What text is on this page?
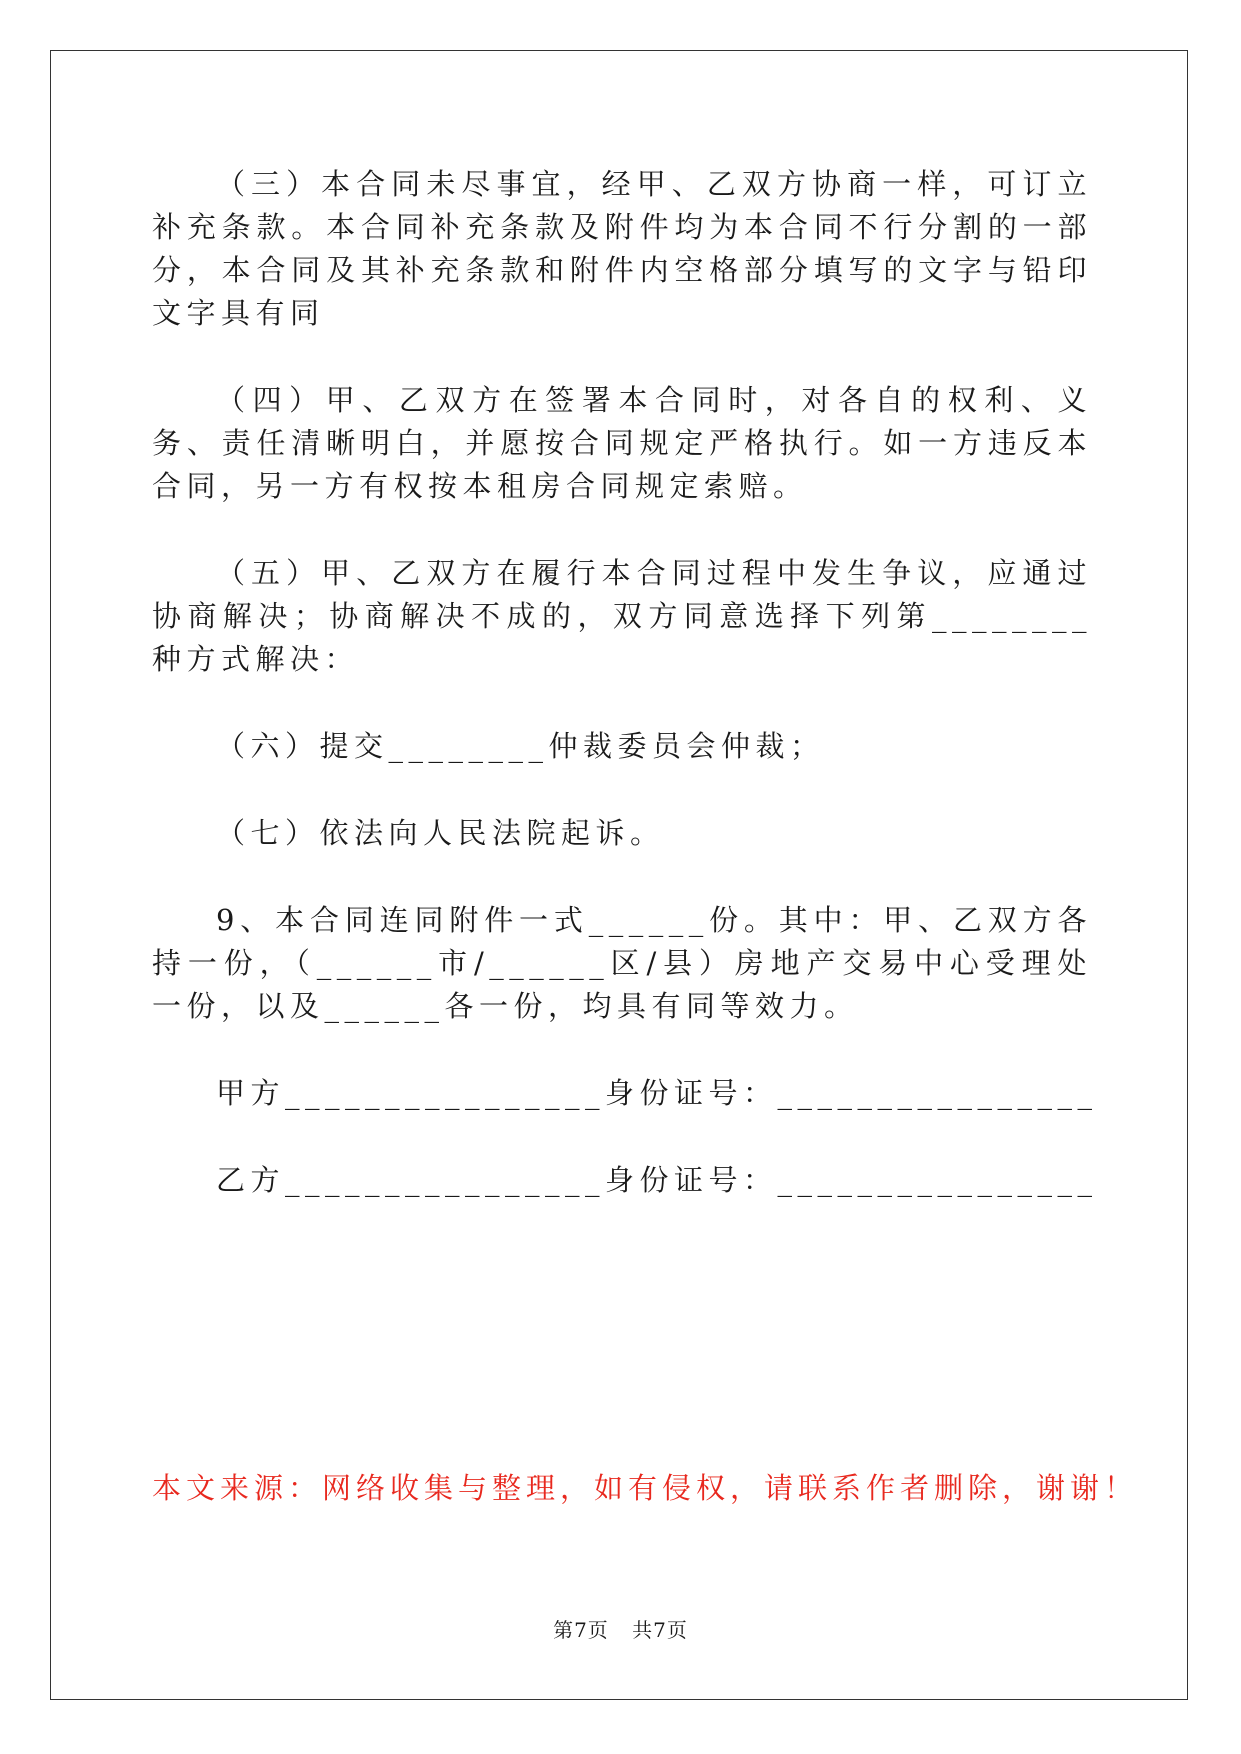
（三）本合同未尽事宜，经甲、乙双方协商一样，可订立补充条款。本合同补充条款及附件均为本合同不行分割的一部分，本合同及其补充条款和附件内空格部分填写的文字与铅印文字具有同

（四）甲、乙双方在签署本合同时，对各自的权利、义务、责任清晰明白，并愿按合同规定严格执行。如一方违反本合同，另一方有权按本租房合同规定索赔。

（五）甲、乙双方在履行本合同过程中发生争议，应通过协商解决；协商解决不成的，双方同意选择下列第________种方式解决：

（六）提交________仲裁委员会仲裁；

（七）依法向人民法院起诉。

9、本合同连同附件一式______份。其中：甲、乙双方各持一份，（______市/______区/县）房地产交易中心受理处一份，以及______各一份，均具有同等效力。

甲方________________身份证号：________________

乙方________________身份证号：________________

本文来源：网络收集与整理，如有侵权，请联系作者删除，谢谢！
第7页 共7页
